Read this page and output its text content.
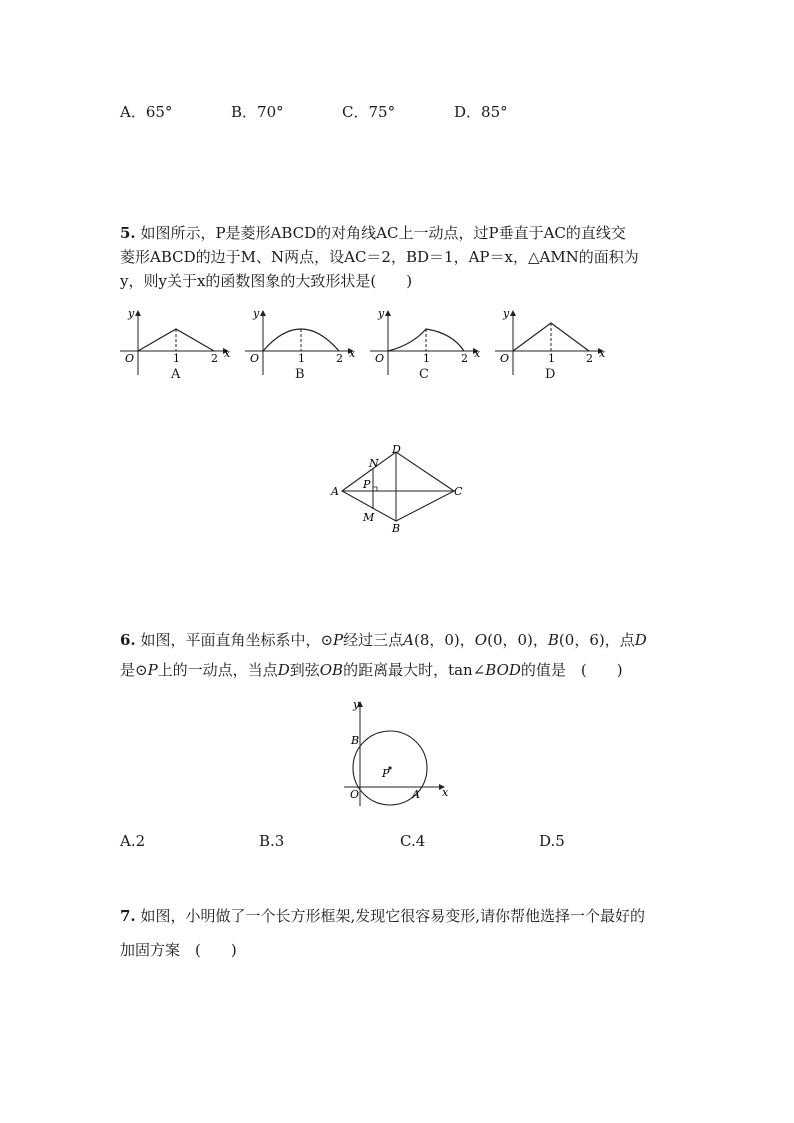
A．65°	B．70°	C．75°	D．85°
5. 如图所示，P是菱形ABCD的对角线AC上一动点，过P垂直于AC的直线交
菱形ABCD的边于M、N两点，设AC＝2，BD＝1，AP＝x，△AMN的面积为
y，则y关于x的函数图象的大致形状是(　　)
y
x
O	1	2
y
x
O	1	2
y
x
O	1	2
y
x
O	1	2
A	B	C	D
A	C
D
B
N
M
P
6. 如图，平面直角坐标系中，⊙P经过三点A(8，0)，O(0，0)，B(0，6)，点D
是⊙P上的一动点，当点D到弦OB的距离最大时，tan∠BOD的值是　(　　)
y
x
O	A
B
P
A.2	B.3	C.4	D.5
7. 如图，小明做了一个长方形框架,发现它很容易变形,请你帮他选择一个最好的
加固方案　(　　)
